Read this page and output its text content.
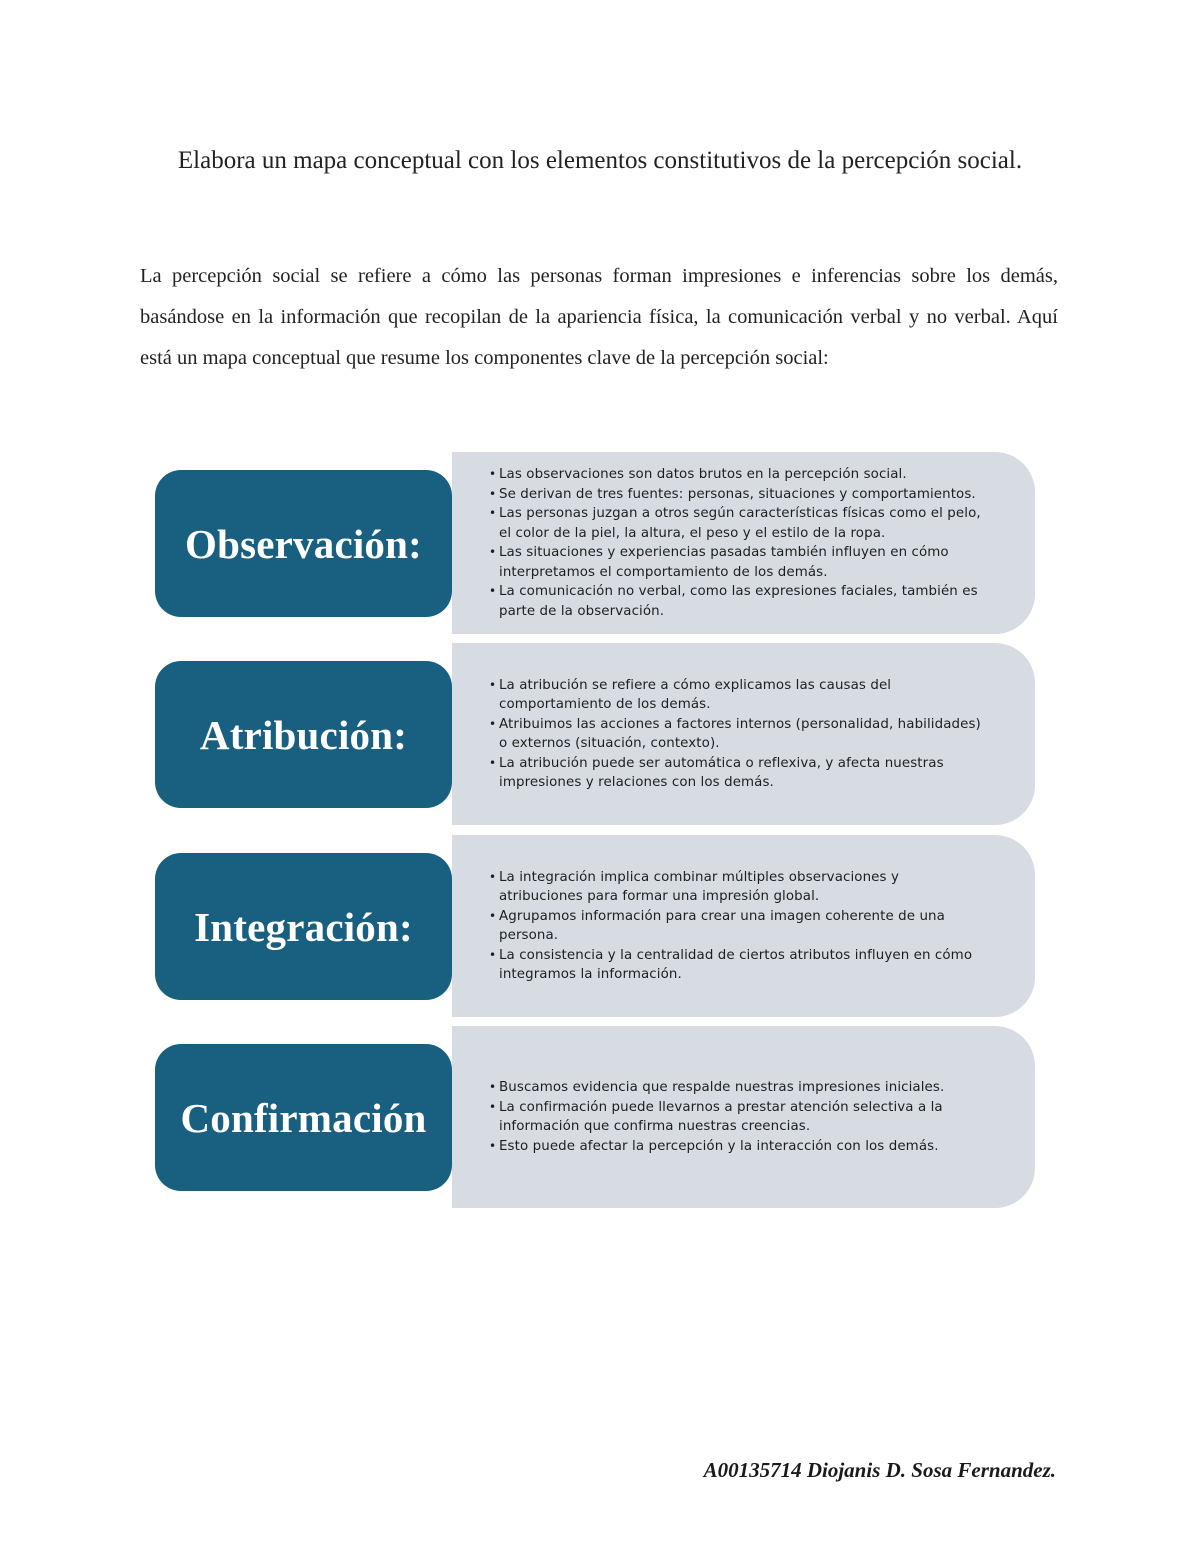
Elabora un mapa conceptual con los elementos constitutivos de la percepción social.
La percepción social se refiere a cómo las personas forman impresiones e inferencias sobre los demás, basándose en la información que recopilan de la apariencia física, la comunicación verbal y no verbal. Aquí está un mapa conceptual que resume los componentes clave de la percepción social:
• Las observaciones son datos brutos en la percepción social.
• Se derivan de tres fuentes: personas, situaciones y comportamientos.
• Las personas juzgan a otros según características físicas como el pelo, el color de la piel, la altura, el peso y el estilo de la ropa.
• Las situaciones y experiencias pasadas también influyen en cómo interpretamos el comportamiento de los demás.
• La comunicación no verbal, como las expresiones faciales, también es parte de la observación.
Observación:
• La atribución se refiere a cómo explicamos las causas del comportamiento de los demás.
• Atribuimos las acciones a factores internos (personalidad, habilidades) o externos (situación, contexto).
• La atribución puede ser automática o reflexiva, y afecta nuestras impresiones y relaciones con los demás.
Atribución:
• La integración implica combinar múltiples observaciones y atribuciones para formar una impresión global.
• Agrupamos información para crear una imagen coherente de una persona.
• La consistencia y la centralidad de ciertos atributos influyen en cómo integramos la información.
Integración:
• Buscamos evidencia que respalde nuestras impresiones iniciales.
• La confirmación puede llevarnos a prestar atención selectiva a la información que confirma nuestras creencias.
• Esto puede afectar la percepción y la interacción con los demás.
Confirmación
A00135714 Diojanis D. Sosa Fernandez.
